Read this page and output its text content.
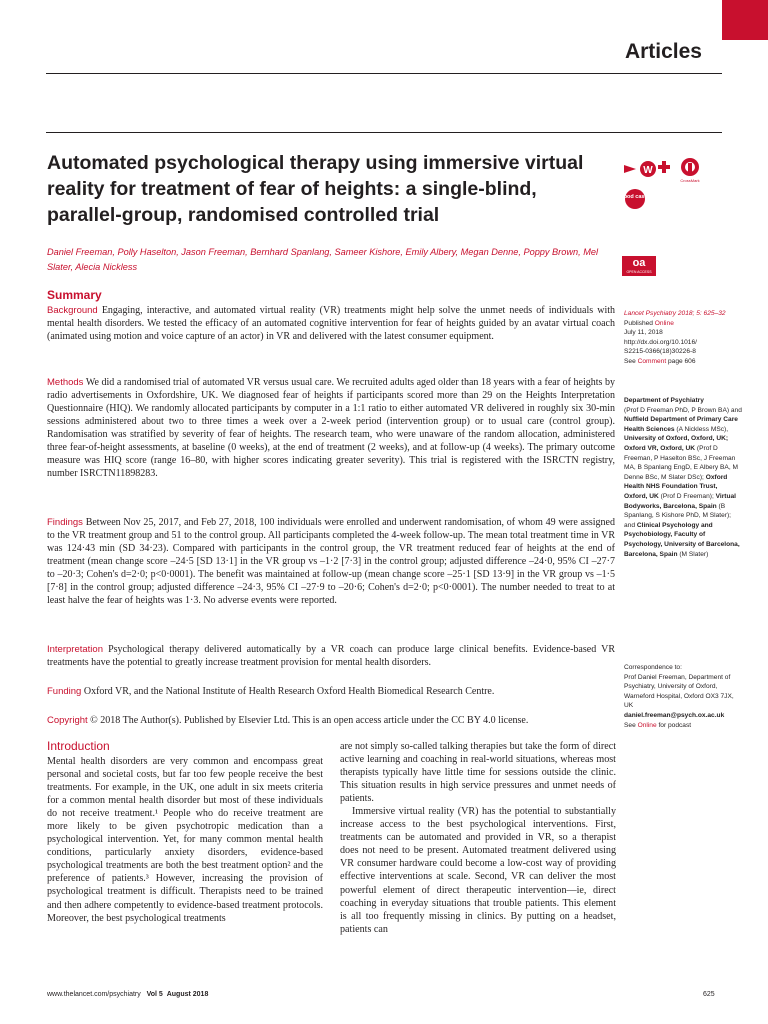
Articles
Automated psychological therapy using immersive virtual reality for treatment of fear of heights: a single-blind, parallel-group, randomised controlled trial
W
CrossMark
pod cast
Daniel Freeman, Polly Haselton, Jason Freeman, Bernhard Spanlang, Sameer Kishore, Emily Albery, Megan Denne, Poppy Brown, Mel Slater, Alecia Nickless	oa
OPEN ACCESS
Summary

Background Engaging, interactive, and automated virtual reality (VR) treatments might help solve the unmet needs of individuals with mental health disorders. We tested the efficacy of an automated cognitive intervention for fear of heights guided by an avatar virtual coach (animated using motion and voice capture of an actor) in VR and delivered with the latest consumer equipment.

Methods We did a randomised trial of automated VR versus usual care. We recruited adults aged older than 18 years with a fear of heights by radio advertisements in Oxfordshire, UK. We diagnosed fear of heights if participants scored more than 29 on the Heights Interpretation Questionnaire (HIQ). We randomly allocated participants by computer in a 1:1 ratio to either automated VR delivered in roughly six 30-min sessions administered about two to three times a week over a 2-week period (intervention group) or to usual care (control group). Randomisation was stratified by severity of fear of heights. The research team, who were unaware of the random allocation, administered three fear-of-height assessments, at baseline (0 weeks), at the end of treatment (2 weeks), and at follow-up (4 weeks). The primary outcome measure was HIQ score (range 16–80, with higher scores indicating greater severity). This trial is registered with the ISRCTN registry, number ISRCTN11898283.

Findings Between Nov 25, 2017, and Feb 27, 2018, 100 individuals were enrolled and underwent randomisation, of whom 49 were assigned to the VR treatment group and 51 to the control group. All participants completed the 4-week follow-up. The mean total treatment time in VR was 124·43 min (SD 34·23). Compared with participants in the control group, the VR treatment reduced fear of heights at the end of treatment (mean change score –24·5 [SD 13·1] in the VR group vs –1·2 [7·3] in the control group; adjusted difference –24·0, 95% CI –27·7 to –20·3; Cohen's d=2·0; p<0·0001). The benefit was maintained at follow-up (mean change score –25·1 [SD 13·9] in the VR group vs –1·5 [7·8] in the control group; adjusted difference –24·3, 95% CI –27·9 to –20·6; Cohen's d=2·0; p<0·0001). The number needed to treat to at least halve the fear of heights was 1·3. No adverse events were reported.

Interpretation Psychological therapy delivered automatically by a VR coach can produce large clinical benefits. Evidence-based VR treatments have the potential to greatly increase treatment provision for mental health disorders.

Funding Oxford VR, and the National Institute of Health Research Oxford Health Biomedical Research Centre.

Copyright © 2018 The Author(s). Published by Elsevier Ltd. This is an open access article under the CC BY 4.0 license.

Lancet Psychiatry 2018; 5: 625–32
Published Online
July 11, 2018
http://dx.doi.org/10.1016/
S2215-0366(18)30226-8
See Comment page 606
Department of Psychiatry
(Prof D Freeman PhD, P Brown BA) and Nuffield Department of Primary Care Health Sciences (A Nickless MSc), University of Oxford, Oxford, UK; Oxford VR, Oxford, UK (Prof D Freeman, P Haselton BSc, J Freeman MA, B Spanlang EngD, E Albery BA, M Denne BSc, M Slater DSc); Oxford Health NHS Foundation Trust, Oxford, UK (Prof D Freeman); Virtual Bodyworks, Barcelona, Spain (B Spanlang, S Kishore PhD, M Slater); and Clinical Psychology and Psychobiology, Faculty of Psychology, University of Barcelona, Barcelona, Spain (M Slater)
Correspondence to:
Prof Daniel Freeman, Department of Psychiatry, University of Oxford, Warneford Hospital, Oxford OX3 7JX, UK
daniel.freeman@psych.ox.ac.uk
See Online for podcast
Introduction

Mental health disorders are very common and encompass great personal and societal costs, but far too few people receive the best treatments. For example, in the UK, one adult in six meets criteria for a common mental health disorder but most of these individuals do not receive treatment.¹ People who do receive treatment are more likely to be given psychotropic medication than a psychological intervention. Yet, for many common mental health conditions, particularly anxiety disorders, evidence-based psychological treatments are both the best treatment option² and the preference of patients.³ However, increasing the provision of psychological treatment is difficult. Therapists need to be trained and then adhere competently to evidence-based treatment protocols. Moreover, the best psychological treatments

are not simply so-called talking therapies but take the form of direct active learning and coaching in real-world situations, whereas most therapists typically have little time for sessions outside the clinic. This situation results in high service pressures and unmet needs of patients.
Immersive virtual reality (VR) has the potential to substantially increase access to the best psychological interventions. First, treatments can be automated and provided in VR, so a therapist does not need to be present. Automated treatment delivered using VR consumer hardware could become a low-cost way of providing effective interventions at scale. Second, VR can deliver the most powerful element of direct therapeutic intervention—ie, direct coaching in everyday situations that trouble patients. This element is all too frequently missing in clinics. By putting on a headset, patients can
www.thelancet.com/psychiatry Vol 5 August 2018	625
